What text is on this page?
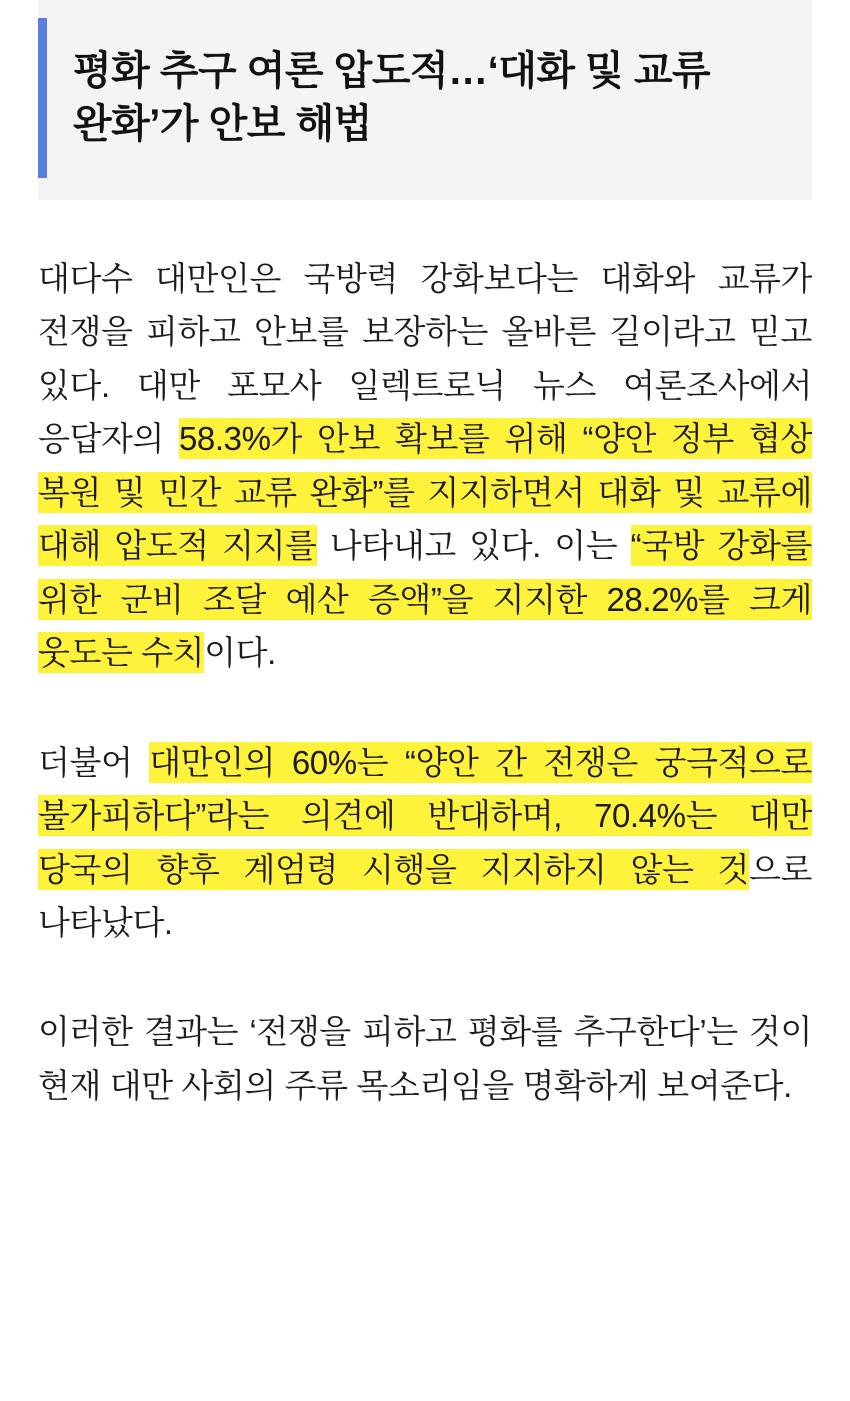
평화 추구 여론 압도적…‘대화 및 교류 완화’가 안보 해법

대다수 대만인은 국방력 강화보다는 대화와 교류가 전쟁을 피하고 안보를 보장하는 올바른 길이라고 믿고 있다. 대만 포모사 일렉트로닉 뉴스 여론조사에서 응답자의 58.3%가 안보 확보를 위해 “양안 정부 협상 복원 및 민간 교류 완화”를 지지하면서 대화 및 교류에 대해 압도적 지지를 나타내고 있다. 이는 “국방 강화를 위한 군비 조달 예산 증액”을 지지한 28.2%를 크게 웃도는 수치이다.

더불어 대만인의 60%는 “양안 간 전쟁은 궁극적으로 불가피하다”라는 의견에 반대하며, 70.4%는 대만 당국의 향후 계엄령 시행을 지지하지 않는 것으로 나타났다.

이러한 결과는 ‘전쟁을 피하고 평화를 추구한다’는 것이 현재 대만 사회의 주류 목소리임을 명확하게 보여준다.
